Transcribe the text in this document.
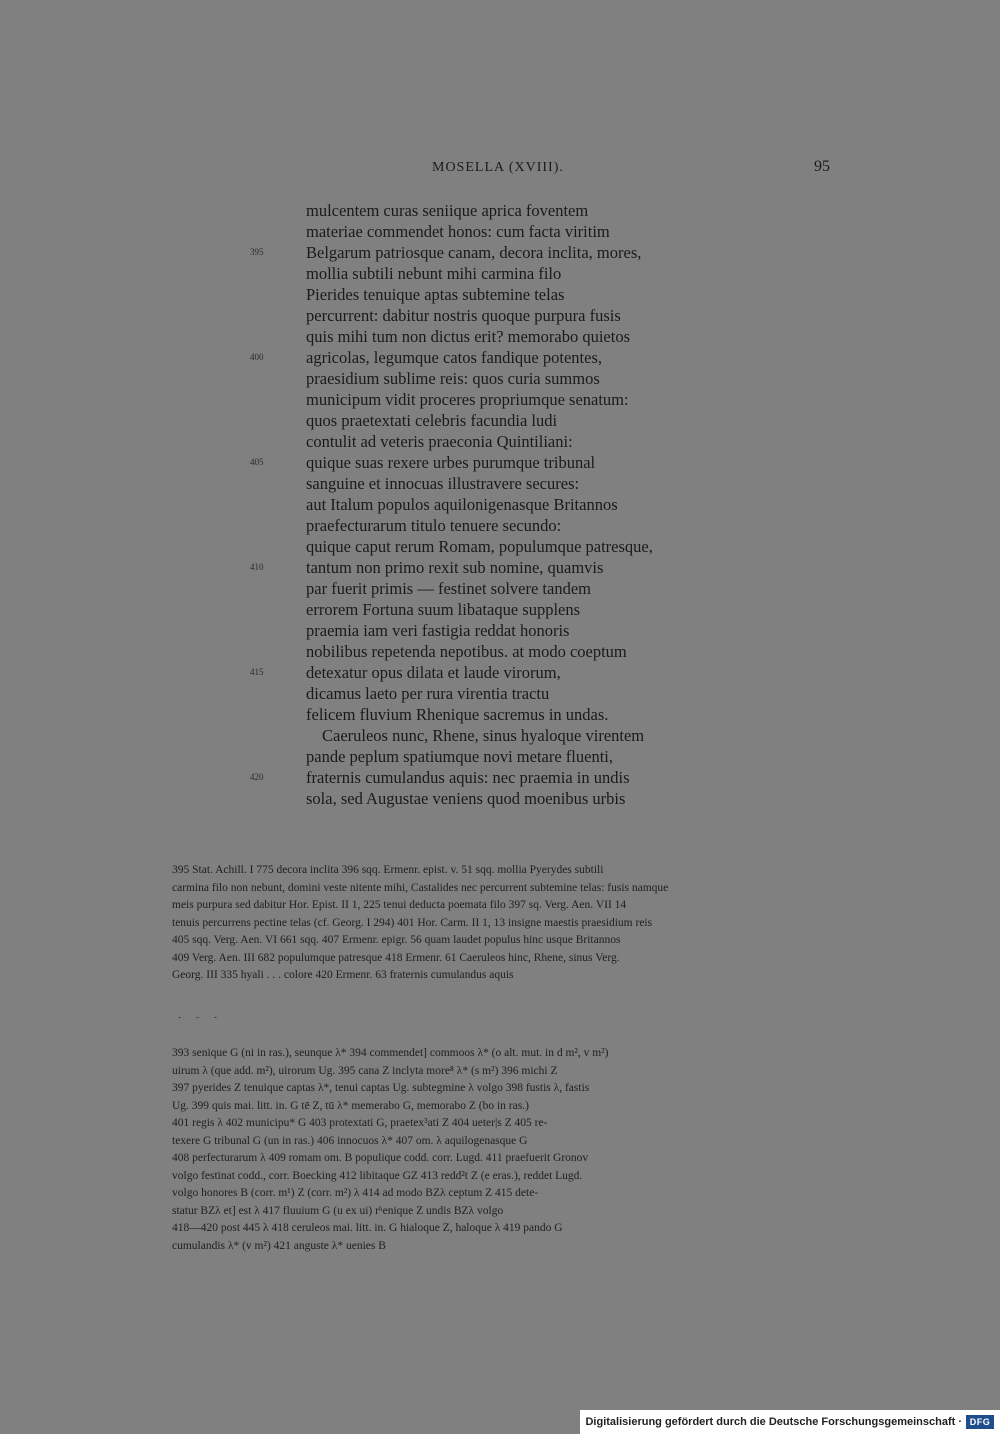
MOSELLA (XVIII).	95
mulcentem curas seniique aprica foventem
materiae commendet honos: cum facta viritim
395	Belgarum patriosque canam, decora inclita, mores,
mollia subtili nebunt mihi carmina filo
Pierides tenuique aptas subtemine telas
percurrent: dabitur nostris quoque purpura fusis
quis mihi tum non dictus erit? memorabo quietos
400	agricolas, legumque catos fandique potentes,
praesidium sublime reis: quos curia summos
municipum vidit proceres propriumque senatum:
quos praetextati celebris facundia ludi
contulit ad veteris praeconia Quintiliani:
405	quique suas rexere urbes purumque tribunal
sanguine et innocuas illustravere secures:
aut Italum populos aquilonigenasque Britannos
praefecturarum titulo tenuere secundo:
quique caput rerum Romam, populumque patresque,
410	tantum non primo rexit sub nomine, quamvis
par fuerit primis — festinet solvere tandem
errorem Fortuna suum libataque supplens
praemia iam veri fastigia reddat honoris
nobilibus repetenda nepotibus. at modo coeptum
415	detexatur opus dilata et laude virorum,
dicamus laeto per rura virentia tractu
felicem fluvium Rhenique sacremus in undas.
Caeruleos nunc, Rhene, sinus hyaloque virentem
pande peplum spatiumque novi metare fluenti,
420	fraternis cumulandus aquis: nec praemia in undis
sola, sed Augustae veniens quod moenibus urbis
395 Stat. Achill. I 775 decora inclita 396 sqq. Ermenr. epist. v. 51 sqq. mollia Pyerydes subtili
carmina filo non nebunt, domini veste nitente mihi, Castalides nec percurrent subtemine telas: fusis namque
meis purpura sed dabitur Hor. Epist. II 1, 225 tenui deducta poemata filo 397 sq. Verg. Aen. VII 14
tenuis percurrens pectine telas (cf. Georg. I 294) 401 Hor. Carm. II 1, 13 insigne maestis praesidium reis
405 sqq. Verg. Aen. VI 661 sqq. 407 Ermenr. epigr. 56 quam laudet populus hinc usque Britannos
409 Verg. Aen. III 682 populumque patresque 418 Ermenr. 61 Caeruleos hinc, Rhene, sinus Verg.
Georg. III 335 hyali . . . colore 420 Ermenr. 63 fraternis cumulandus aquis
- - -
393 senique G (ni in ras.), seunque λ* 394 commendet] commoos λ* (o alt. mut. in d m², v m²)
uirum λ (que add. m²), uirorum Ug. 395 cana Z inclyta more⁸ λ* (s m²) 396 michi Z
397 pyerides Z tenuique captas λ*, tenui captas Ug. subtegmine λ volgo 398 fustis λ, fastis
Ug. 399 quis mai. litt. in. G tē Z, tū λ* memerabo G, memorabo Z (bo in ras.)
401 regis λ 402 municipu* G 403 protextati G, praetex³ati Z 404 ueter|s Z 405 re-
texere G tribunal G (un in ras.) 406 innocuos λ* 407 om. λ aquilogenasque G
408 perfecturarum λ 409 romam om. B populique codd. corr. Lugd. 411 praefuerit Gronov
volgo festinat codd., corr. Boecking 412 libitaque GZ 413 redd²t Z (e eras.), reddet Lugd.
volgo honores B (corr. m¹) Z (corr. m²) λ 414 ad modo BZλ ceptum Z 415 dete-
statur BZλ et] est λ 417 fluuium G (u ex ui) rʰenique Z undis BZλ volgo
418—420 post 445 λ 418 ceruleos mai. litt. in. G hialoque Z, haloque λ 419 pando G
cumulandis λ* (v m²) 421 anguste λ* uenies B
Digitalisierung gefördert durch die Deutsche Forschungsgemeinschaft · DFG
